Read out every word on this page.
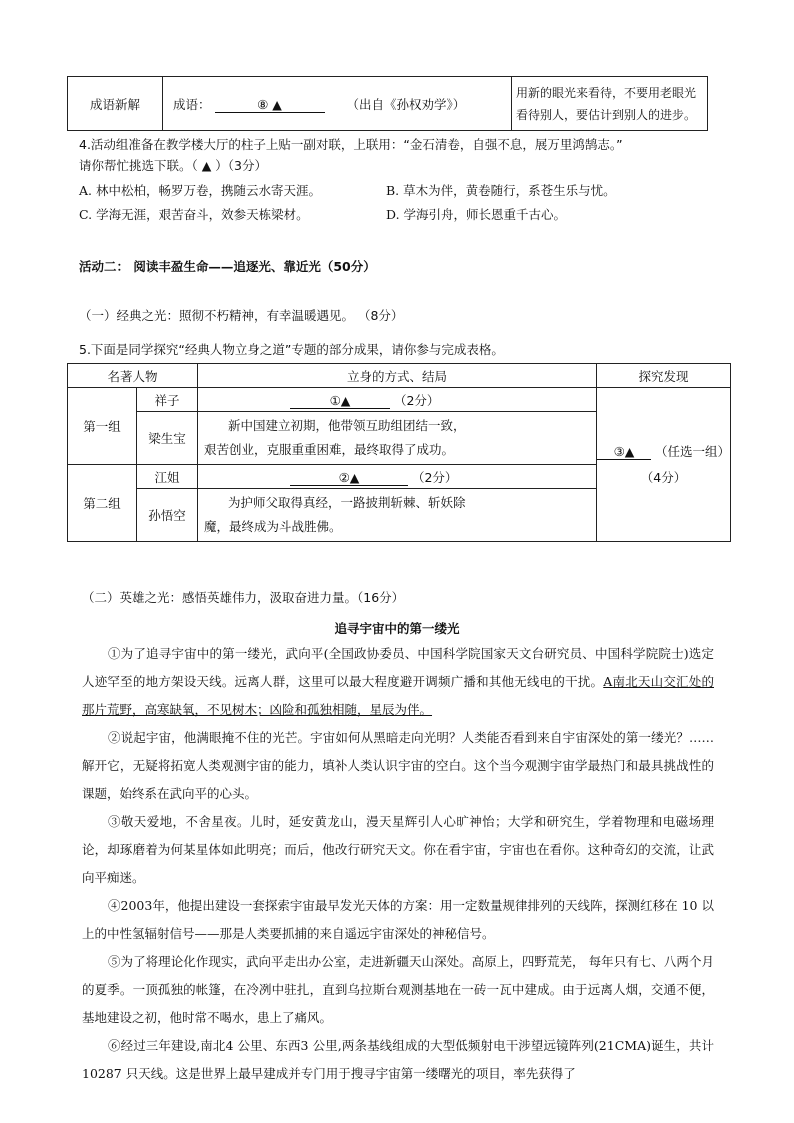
成语新解	成语：	⑧ ▲	（出自《孙权劝学》）	用新的眼光来看待，不要用老眼光看待别人，要估计到别人的进步。
4.活动组准备在教学楼大厅的柱子上贴一副对联，上联用：“金石清卷，自强不息，展万里鸿鹄志。”
请你帮忙挑选下联。（ ▲ ）（3分）
A. 林中松柏，畅罗万卷，携随云水寄天涯。	B. 草木为伴，黄卷随行，系苍生乐与忧。
C. 学海无涯，艰苦奋斗，效参天栋梁材。	D. 学海引舟，师长恩重千古心。
活动二： 阅读丰盈生命——追逐光、靠近光（50分）
（一）经典之光：照彻不朽精神，有幸温暖遇见。 （8分）
5.下面是同学探究“经典人物立身之道”专题的部分成果，请你参与完成表格。
名著人物		立身的方式、结局	探究发现
第一组	祥子	①▲ （2分）	③▲ （任选一组）
（4分）

	梁生宝	新中国建立初期，他带领互助组团结一致，
艰苦创业，克服重重困难，最终取得了成功。	

第二组	江姐	②▲ （2分）	
	孙悟空	为护师父取得真经，一路披荆斩棘、斩妖除
魔，最终成为斗战胜佛。	
（二）英雄之光：感悟英雄伟力，汲取奋进力量。（16分）
追寻宇宙中的第一缕光

①为了追寻宇宙中的第一缕光，武向平(全国政协委员、中国科学院国家天文台研究员、中国科学院院士)选定人迹罕至的地方架设天线。远离人群，这里可以最大程度避开调频广播和其他无线电的干扰。A南北天山交汇处的那片荒野，高寒缺氧，不见树木；凶险和孤独相随，星辰为伴。

②说起宇宙，他满眼掩不住的光芒。宇宙如何从黑暗走向光明？人类能否看到来自宇宙深处的第一缕光？……解开它，无疑将拓宽人类观测宇宙的能力，填补人类认识宇宙的空白。这个当今观测宇宙学最热门和最具挑战性的课题，始终系在武向平的心头。

③敬天爱地，不舍星夜。儿时，延安黄龙山，漫天星辉引人心旷神怡；大学和研究生，学着物理和电磁场理论，却琢磨着为何某星体如此明亮；而后，他改行研究天文。你在看宇宙，宇宙也在看你。这种奇幻的交流，让武向平痴迷。

④2003年，他提出建设一套探索宇宙最早发光天体的方案：用一定数量规律排列的天线阵，探测红移在 10 以上的中性氢辐射信号——那是人类要抓捕的来自遥远宇宙深处的神秘信号。

⑤为了将理论化作现实，武向平走出办公室，走进新疆天山深处。高原上，四野荒芜， 每年只有七、八两个月的夏季。一顶孤独的帐篷，在冷冽中驻扎，直到乌拉斯台观测基地在一砖一瓦中建成。由于远离人烟，交通不便，基地建设之初，他时常不喝水，患上了痛风。

⑥经过三年建设,南北4 公里、东西3 公里,两条基线组成的大型低频射电干涉望远镜阵列(21CMA)诞生，共计 10287 只天线。这是世界上最早建成并专门用于搜寻宇宙第一缕曙光的项目，率先获得了
